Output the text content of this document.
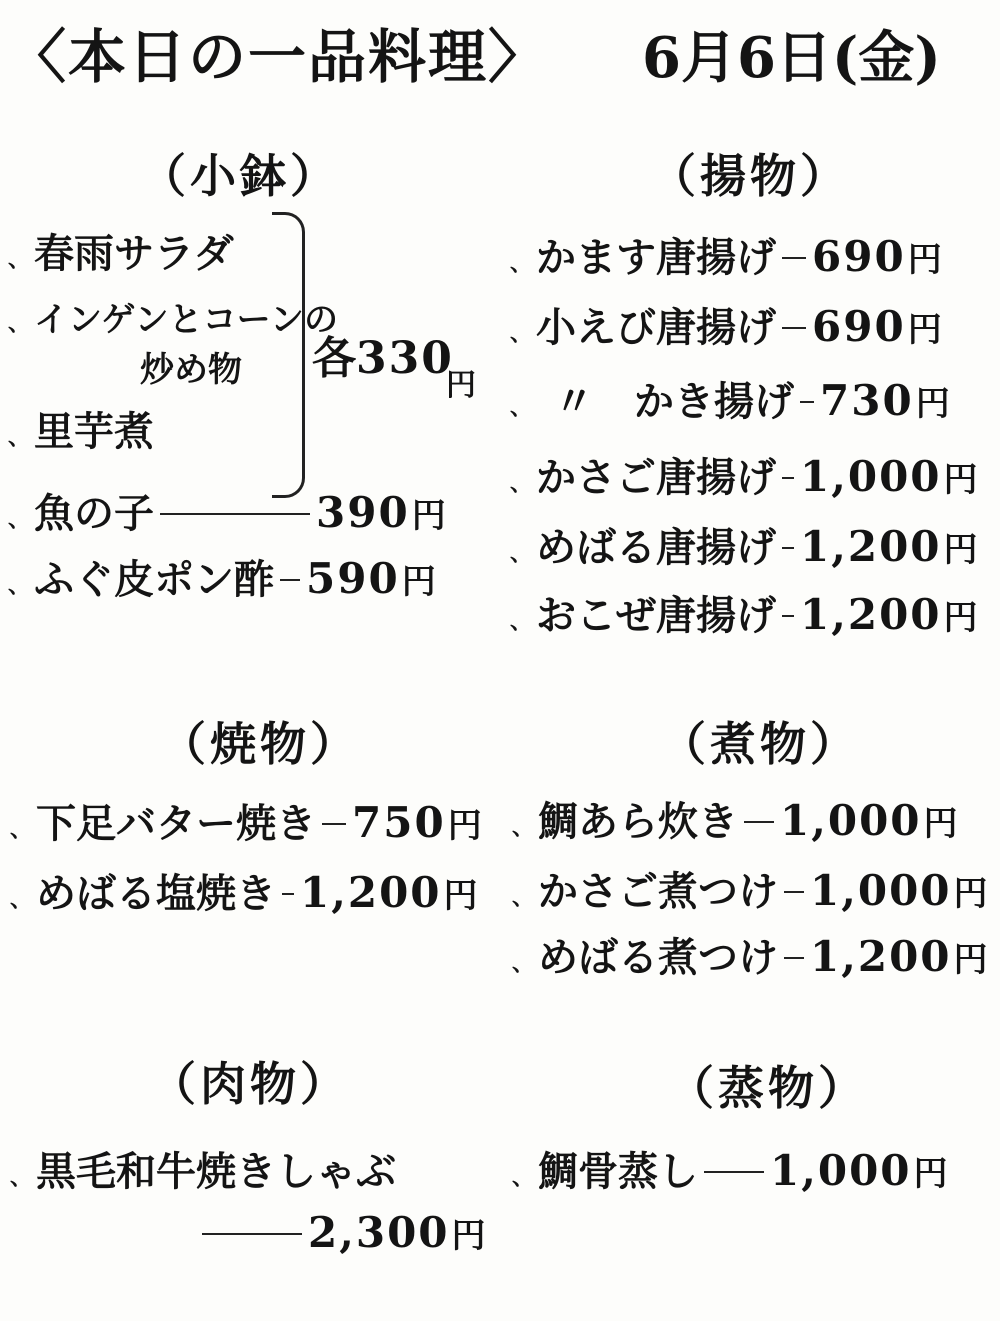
〈本日の一品料理〉 6月6日(金)
（小鉢）
、 春雨サラダ
、 インゲンとコーンの
炒め物
、 里芋煮
各330
円
、 魚の子	390 円
、 ふぐ皮ポン酢 590 円
（揚物）
、 かます唐揚げ 690 円
、 小えび唐揚げ 690 円
、 〃 かき揚げ 730 円
、 かさご唐揚げ 1,000 円
、 めばる唐揚げ 1,200 円
、 おこぜ唐揚げ 1,200 円
（焼物）
、 下足バター焼き 750 円
、 めばる塩焼き 1,200 円
（煮物）
、 鯛あら炊き 1,000 円
、 かさご煮つけ 1,000 円
、 めばる煮つけ 1,200 円
（肉物）
、 黒毛和牛焼きしゃぶ
2,300 円
（蒸物）
、 鯛骨蒸し 1,000 円
